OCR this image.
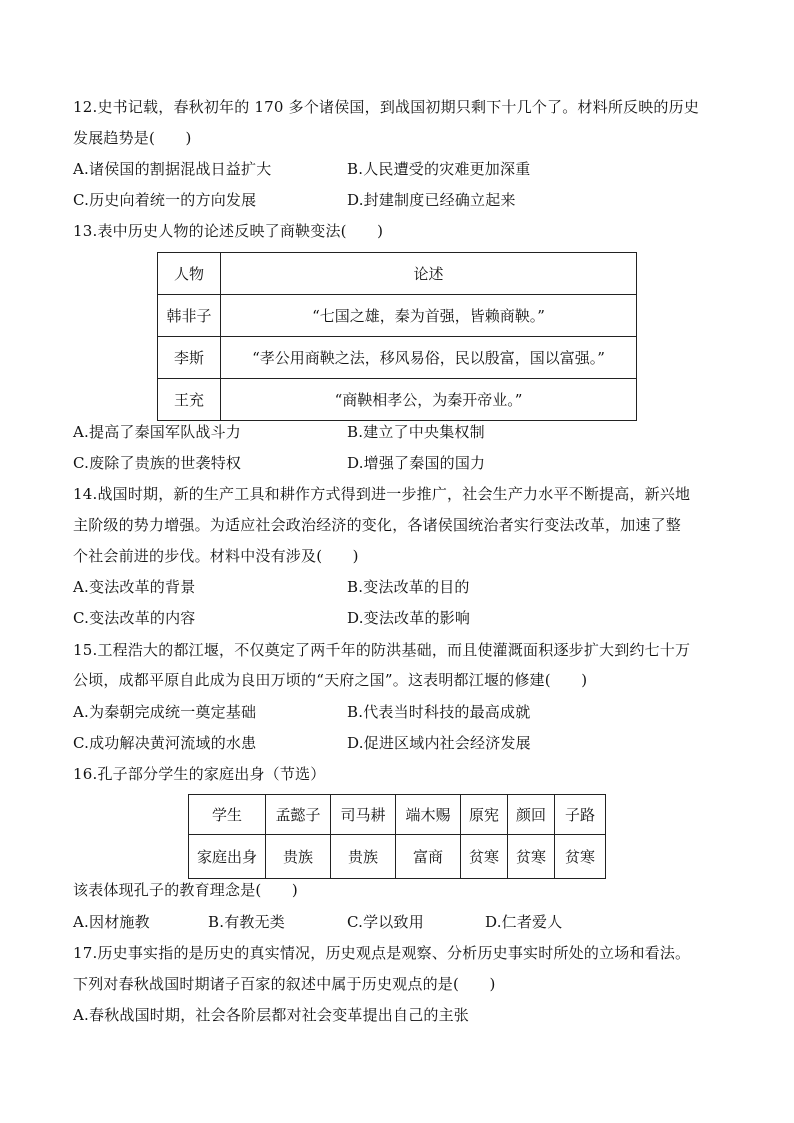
12.史书记载，春秋初年的 170 多个诸侯国，到战国初期只剩下十几个了。材料所反映的历史
发展趋势是(　　)
A.诸侯国的割据混战日益扩大	B.人民遭受的灾难更加深重
C.历史向着统一的方向发展	D.封建制度已经确立起来
13.表中历史人物的论述反映了商鞅变法(　　)
人物	论述
韩非子	“七国之雄，秦为首强，皆赖商鞅。”
李斯	“孝公用商鞅之法，移风易俗，民以殷富，国以富强。”
王充	“商鞅相孝公，为秦开帝业。”
A.提高了秦国军队战斗力	B.建立了中央集权制
C.废除了贵族的世袭特权	D.增强了秦国的国力
14.战国时期，新的生产工具和耕作方式得到进一步推广，社会生产力水平不断提高，新兴地
主阶级的势力增强。为适应社会政治经济的变化，各诸侯国统治者实行变法改革，加速了整
个社会前进的步伐。材料中没有涉及(　　)
A.变法改革的背景	B.变法改革的目的
C.变法改革的内容	D.变法改革的影响
15.工程浩大的都江堰，不仅奠定了两千年的防洪基础，而且使灌溉面积逐步扩大到约七十万
公顷，成都平原自此成为良田万顷的“天府之国”。这表明都江堰的修建(　　)
A.为秦朝完成统一奠定基础	B.代表当时科技的最高成就
C.成功解决黄河流域的水患	D.促进区域内社会经济发展
16.孔子部分学生的家庭出身（节选）
学生	孟懿子	司马耕	端木赐	原宪	颜回	子路
家庭出身	贵族	贵族	富商	贫寒	贫寒	贫寒
该表体现孔子的教育理念是(　　)
A.因材施教	B.有教无类	C.学以致用	D.仁者爱人
17.历史事实指的是历史的真实情况，历史观点是观察、分析历史事实时所处的立场和看法。
下列对春秋战国时期诸子百家的叙述中属于历史观点的是(　　)
A.春秋战国时期，社会各阶层都对社会变革提出自己的主张
